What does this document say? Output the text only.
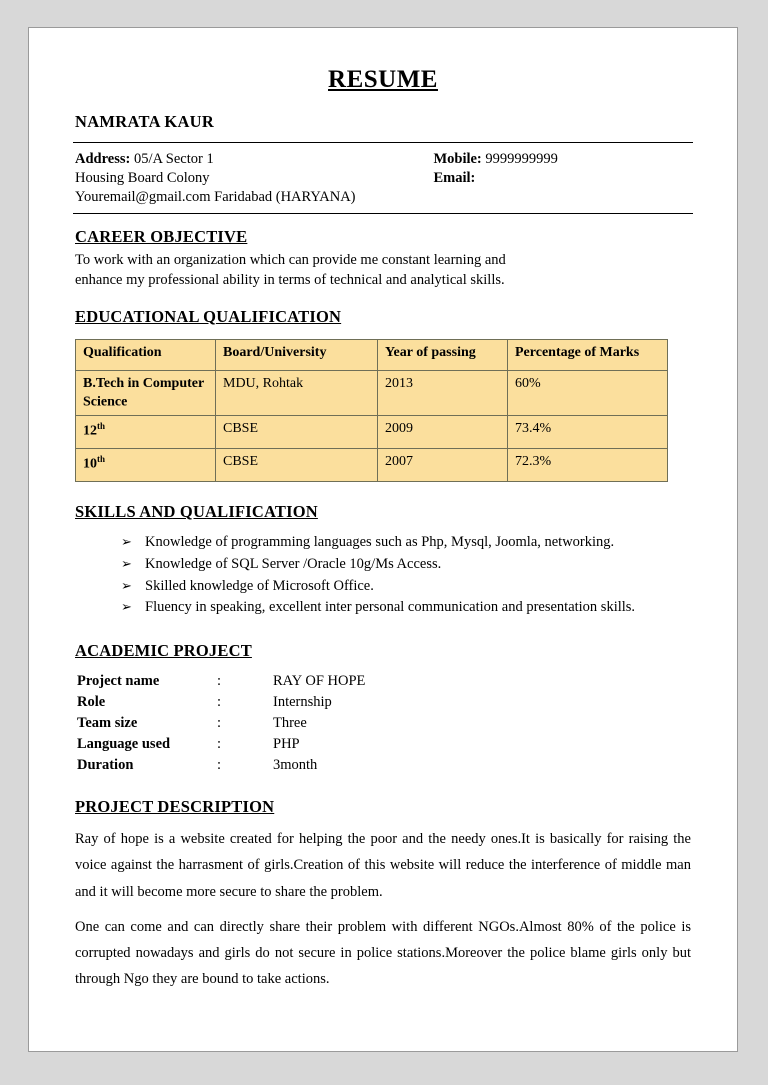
RESUME
NAMRATA KAUR
Address: 05/A Sector 1
Housing Board Colony
Youremail@gmail.com Faridabad (HARYANA)
Mobile: 9999999999
Email:
CAREER OBJECTIVE
To work with an organization which can provide me constant learning and
enhance my professional ability in terms of technical and analytical skills.
EDUCATIONAL QUALIFICATION
Qualification	Board/University	Year of passing	Percentage of Marks
B.Tech in Computer Science	MDU, Rohtak	2013	60%
12th	CBSE	2009	73.4%
10th	CBSE	2007	72.3%
SKILLS AND QUALIFICATION
➢ Knowledge of programming languages such as Php, Mysql, Joomla, networking.
➢ Knowledge of SQL Server /Oracle 10g/Ms Access.
➢ Skilled knowledge of Microsoft Office.
➢ Fluency in speaking, excellent inter personal communication and presentation skills.
ACADEMIC PROJECT
Project name	:	RAY OF HOPE
Role	:	Internship
Team size	:	Three
Language used	:	PHP
Duration	:	3month
PROJECT DESCRIPTION
Ray of hope is a website created for helping the poor and the needy ones.It is basically for raising the voice against the harrasment of girls.Creation of this website will reduce the interference of middle man and it will become more secure to share the problem.
One can come and can directly share their problem with different NGOs.Almost 80% of the police is corrupted nowadays and girls do not secure in police stations.Moreover the police blame girls only but through Ngo they are bound to take actions.
